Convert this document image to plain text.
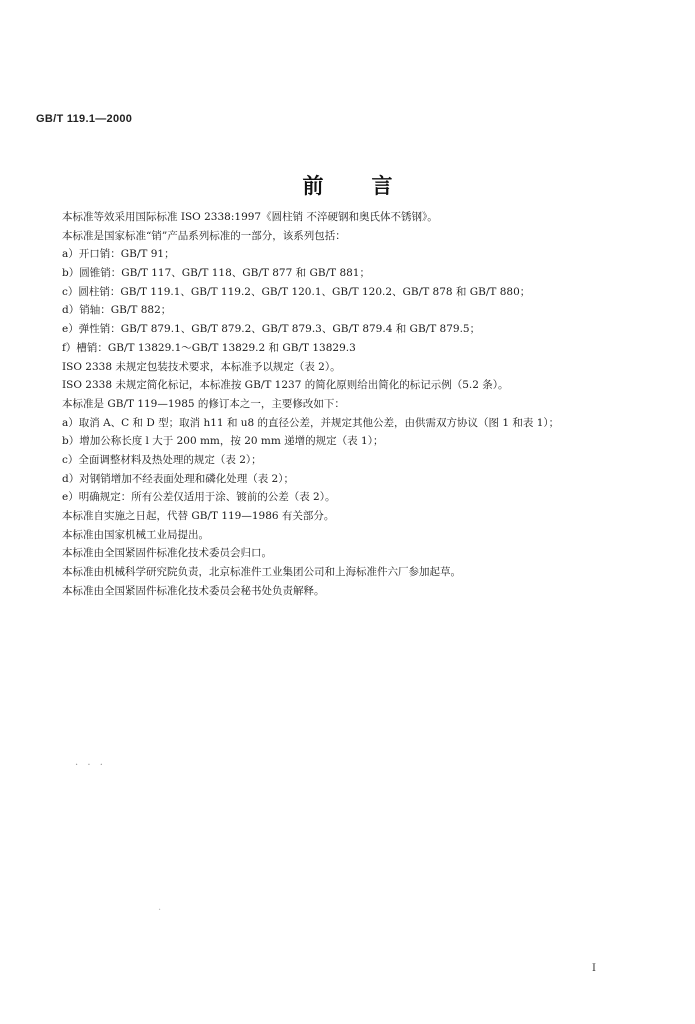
GB/T 119.1—2000
前言
本标准等效采用国际标准 ISO 2338:1997《圆柱销 不淬硬钢和奥氏体不锈钢》。
本标准是国家标准“销”产品系列标准的一部分，该系列包括：
a）开口销：GB/T 91；
b）圆锥销：GB/T 117、GB/T 118、GB/T 877 和 GB/T 881；
c）圆柱销：GB/T 119.1、GB/T 119.2、GB/T 120.1、GB/T 120.2、GB/T 878 和 GB/T 880；
d）销轴：GB/T 882；
e）弹性销：GB/T 879.1、GB/T 879.2、GB/T 879.3、GB/T 879.4 和 GB/T 879.5；
f）槽销：GB/T 13829.1～GB/T 13829.2 和 GB/T 13829.3
ISO 2338 未规定包装技术要求，本标准予以规定（表 2）。
ISO 2338 未规定简化标记，本标准按 GB/T 1237 的简化原则给出简化的标记示例（5.2 条）。
本标准是 GB/T 119—1985 的修订本之一，主要修改如下：
a）取消 A、C 和 D 型；取消 h11 和 u8 的直径公差，并规定其他公差，由供需双方协议（图 1 和表 1）；
b）增加公称长度 l 大于 200 mm，按 20 mm 递增的规定（表 1）；
c）全面调整材料及热处理的规定（表 2）；
d）对钢销增加不经表面处理和磷化处理（表 2）；
e）明确规定：所有公差仅适用于涂、镀前的公差（表 2）。
本标准自实施之日起，代替 GB/T 119—1986 有关部分。
本标准由国家机械工业局提出。
本标准由全国紧固件标准化技术委员会归口。
本标准由机械科学研究院负责，北京标准件工业集团公司和上海标准件六厂参加起草。
本标准由全国紧固件标准化技术委员会秘书处负责解释。
· · ·
·
I
